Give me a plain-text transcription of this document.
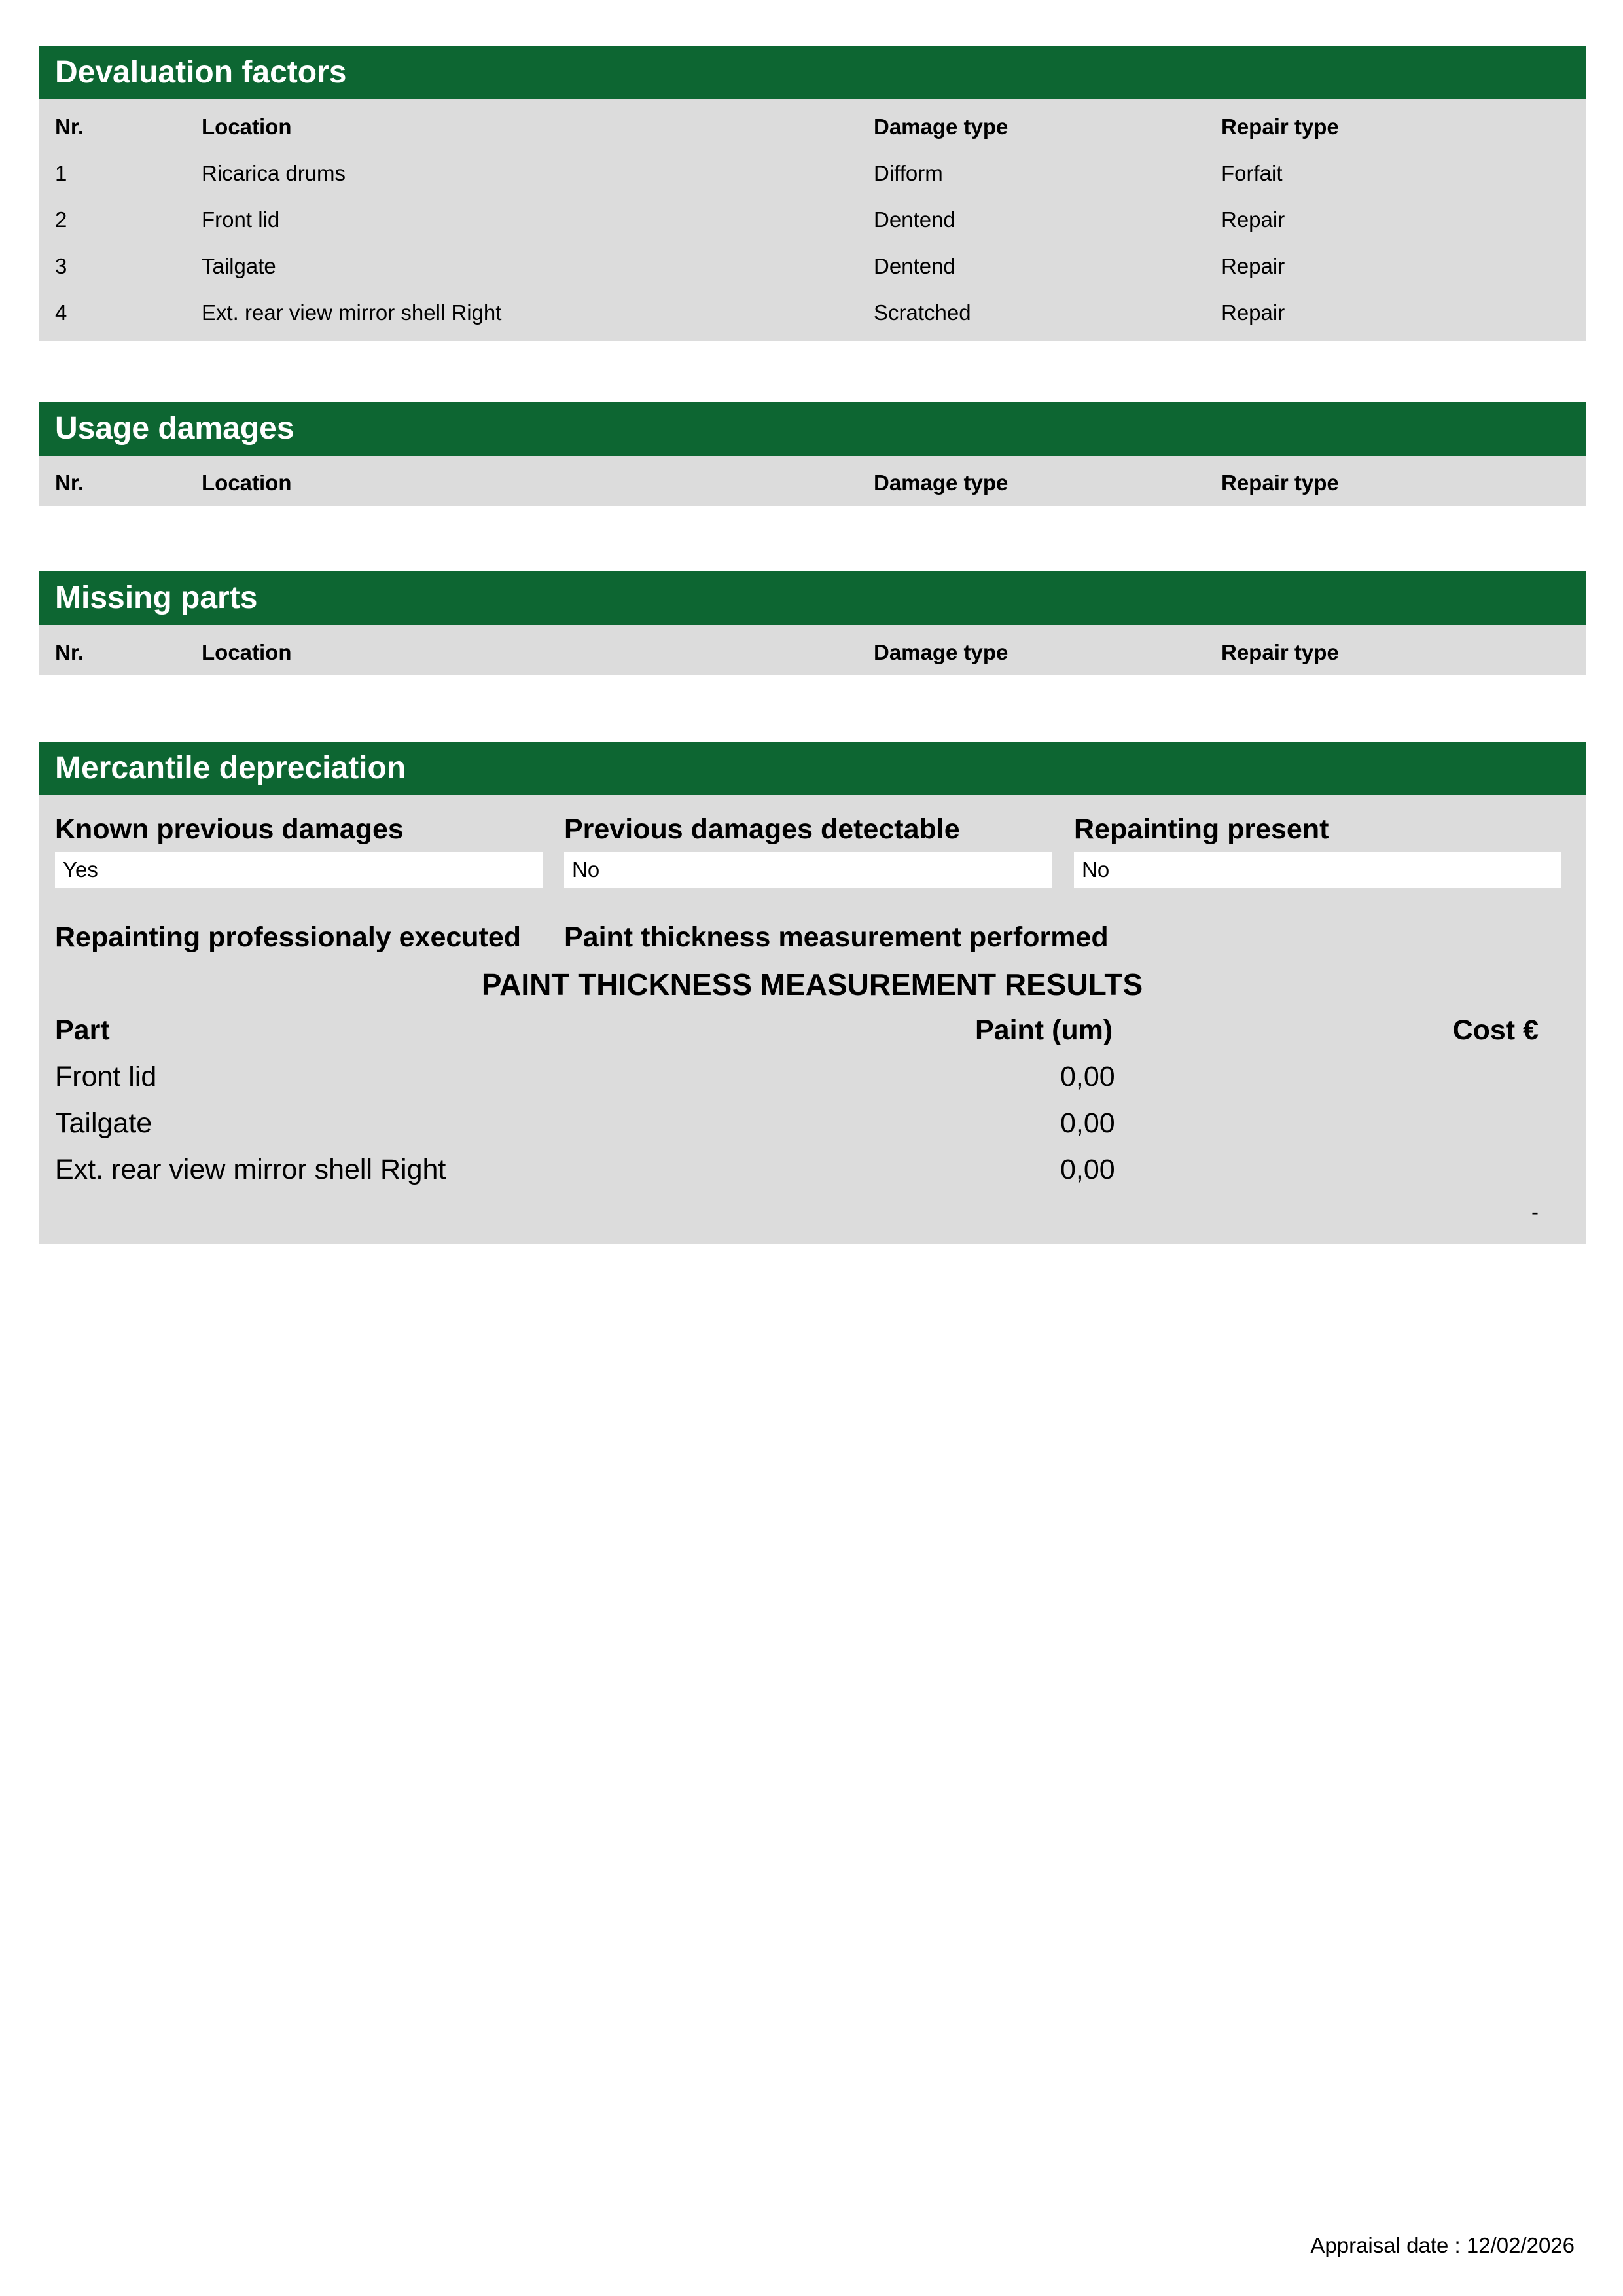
Devaluation factors
Nr.	Location	Damage type	Repair type
1	Ricarica drums	Difform	Forfait
2	Front lid	Dentend	Repair
3	Tailgate	Dentend	Repair
4	Ext. rear view mirror shell Right	Scratched	Repair
Usage damages
Nr.	Location	Damage type	Repair type
Missing parts
Nr.	Location	Damage type	Repair type
Mercantile depreciation
Known previous damages
Yes
Previous damages detectable
No
Repainting present
No
Repainting professionaly executed Paint thickness measurement performed
PAINT THICKNESS MEASUREMENT RESULTS
Part	Paint (um)	Cost €
Front lid	0,00
Tailgate	0,00
Ext. rear view mirror shell Right	0,00
-
Appraisal date : 12/02/2026
